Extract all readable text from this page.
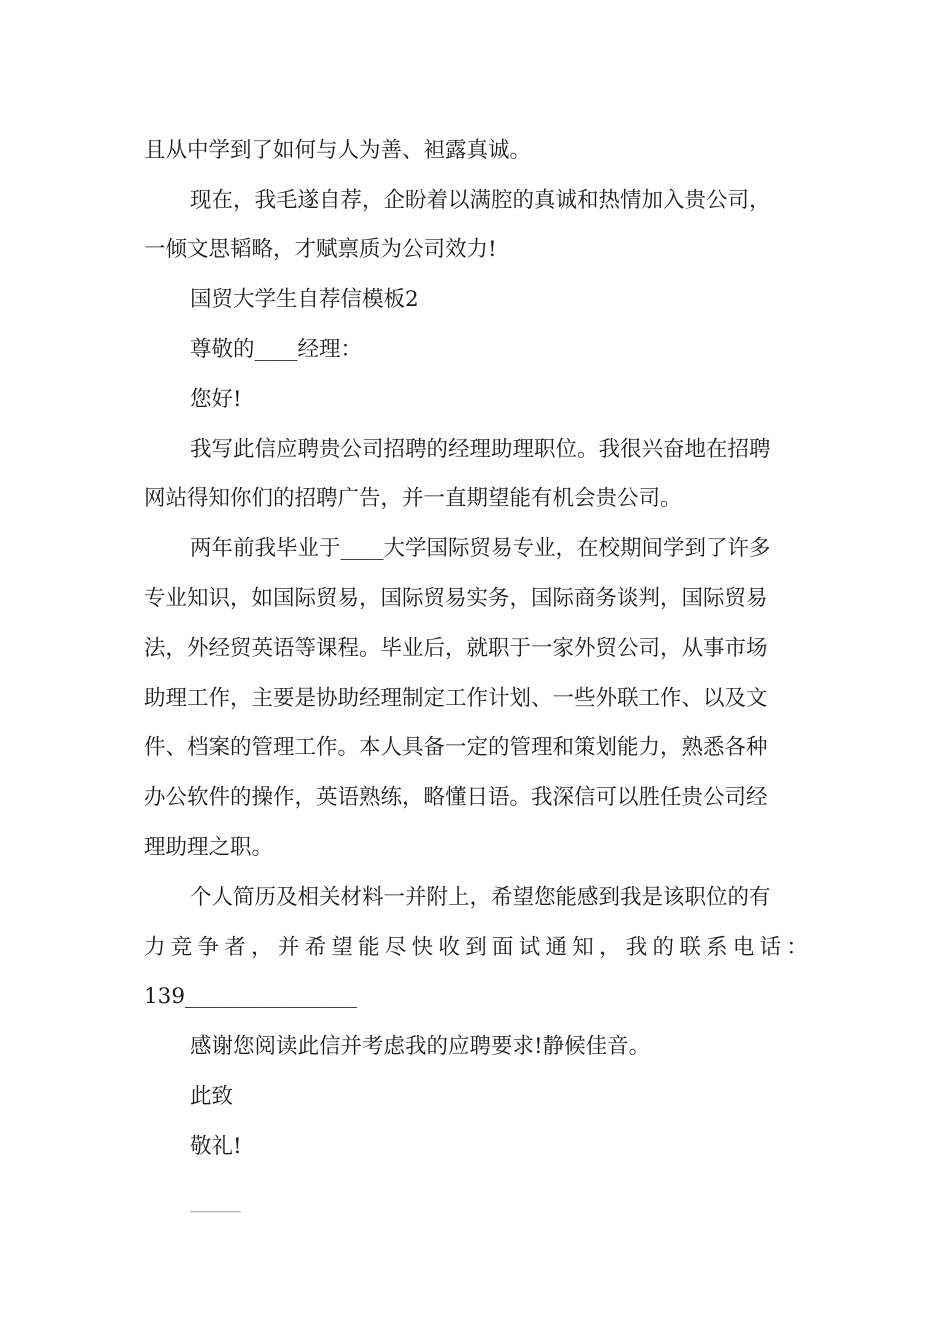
且从中学到了如何与人为善、袒露真诚。
现在，我毛遂自荐，企盼着以满腔的真诚和热情加入贵公司，
一倾文思韬略，才赋禀质为公司效力!
国贸大学生自荐信模板2
尊敬的____经理：
您好!
我写此信应聘贵公司招聘的经理助理职位。我很兴奋地在招聘
网站得知你们的招聘广告，并一直期望能有机会贵公司。
两年前我毕业于____大学国际贸易专业，在校期间学到了许多
专业知识，如国际贸易，国际贸易实务，国际商务谈判，国际贸易
法，外经贸英语等课程。毕业后，就职于一家外贸公司，从事市场
助理工作，主要是协助经理制定工作计划、一些外联工作、以及文
件、档案的管理工作。本人具备一定的管理和策划能力，熟悉各种
办公软件的操作，英语熟练，略懂日语。我深信可以胜任贵公司经
理助理之职。
个人简历及相关材料一并附上，希望您能感到我是该职位的有
力 竞 争 者 ， 并 希 望 能 尽 快 收 到 面 试 通 知 ， 我 的 联 系 电 话 ：
139________________
感谢您阅读此信并考虑我的应聘要求!静候佳音。
此致
敬礼!
______
